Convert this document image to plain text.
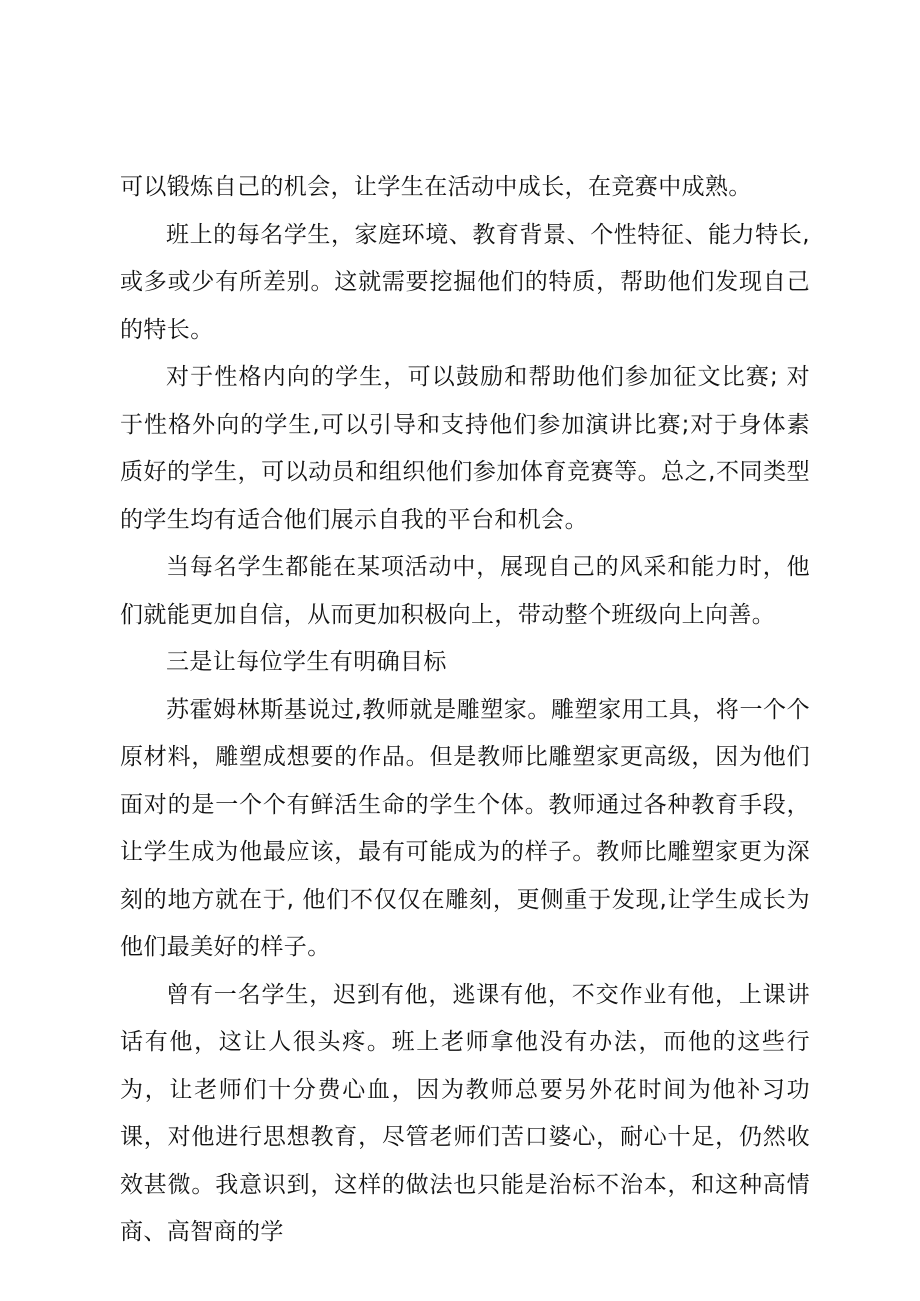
可以锻炼自己的机会，让学生在活动中成长，在竞赛中成熟。

班上的每名学生，家庭环境、教育背景、个性特征、能力特长,或多或少有所差别。这就需要挖掘他们的特质，帮助他们发现自己的特长。

对于性格内向的学生，可以鼓励和帮助他们参加征文比赛; 对于性格外向的学生,可以引导和支持他们参加演讲比赛;对于身体素质好的学生，可以动员和组织他们参加体育竞赛等。总之,不同类型的学生均有适合他们展示自我的平台和机会。

当每名学生都能在某项活动中，展现自己的风采和能力时，他们就能更加自信，从而更加积极向上，带动整个班级向上向善。

三是让每位学生有明确目标

苏霍姆林斯基说过,教师就是雕塑家。雕塑家用工具，将一个个原材料，雕塑成想要的作品。但是教师比雕塑家更高级，因为他们面对的是一个个有鲜活生命的学生个体。教师通过各种教育手段，让学生成为他最应该，最有可能成为的样子。教师比雕塑家更为深刻的地方就在于, 他们不仅仅在雕刻，更侧重于发现,让学生成长为他们最美好的样子。

曾有一名学生，迟到有他，逃课有他，不交作业有他，上课讲话有他，这让人很头疼。班上老师拿他没有办法，而他的这些行为，让老师们十分费心血，因为教师总要另外花时间为他补习功课，对他进行思想教育，尽管老师们苦口婆心，耐心十足，仍然收效甚微。我意识到，这样的做法也只能是治标不治本，和这种高情商、高智商的学
